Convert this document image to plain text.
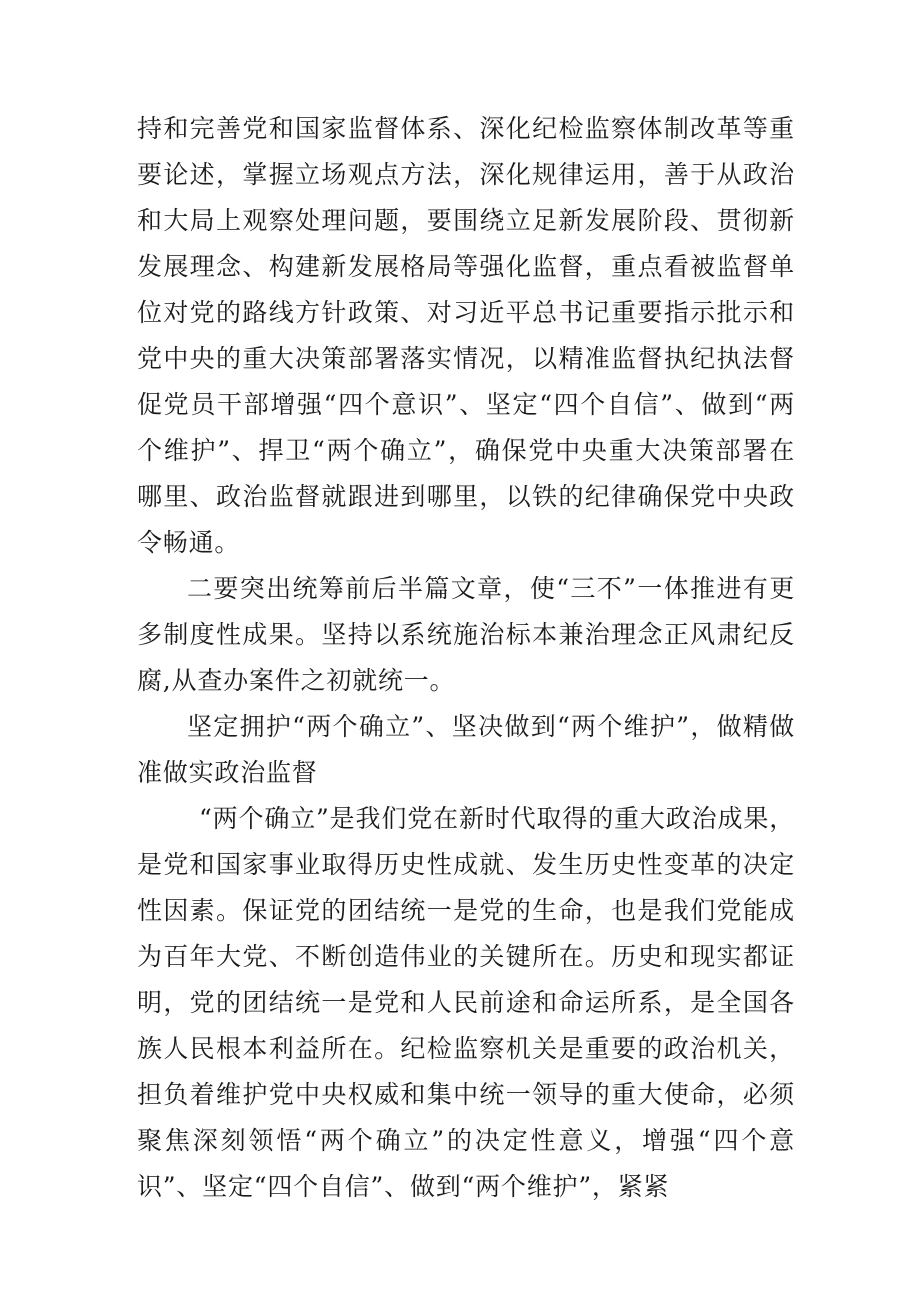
持和完善党和国家监督体系、深化纪检监察体制改革等重要论述，掌握立场观点方法，深化规律运用，善于从政治和大局上观察处理问题，要围绕立足新发展阶段、贯彻新发展理念、构建新发展格局等强化监督，重点看被监督单位对党的路线方针政策、对习近平总书记重要指示批示和党中央的重大决策部署落实情况，以精准监督执纪执法督促党员干部增强“四个意识”、坚定“四个自信”、做到“两个维护”、捍卫“两个确立”，确保党中央重大决策部署在哪里、政治监督就跟进到哪里，以铁的纪律确保党中央政令畅通。

二要突出统筹前后半篇文章，使“三不”一体推进有更多制度性成果。坚持以系统施治标本兼治理念正风肃纪反腐,从查办案件之初就统一。

坚定拥护“两个确立”、坚决做到“两个维护”，做精做准做实政治监督

“两个确立”是我们党在新时代取得的重大政治成果，是党和国家事业取得历史性成就、发生历史性变革的决定性因素。保证党的团结统一是党的生命，也是我们党能成为百年大党、不断创造伟业的关键所在。历史和现实都证明，党的团结统一是党和人民前途和命运所系，是全国各族人民根本利益所在。纪检监察机关是重要的政治机关，担负着维护党中央权威和集中统一领导的重大使命，必须聚焦深刻领悟“两个确立”的决定性意义，增强“四个意识”、坚定“四个自信”、做到“两个维护”，紧紧
